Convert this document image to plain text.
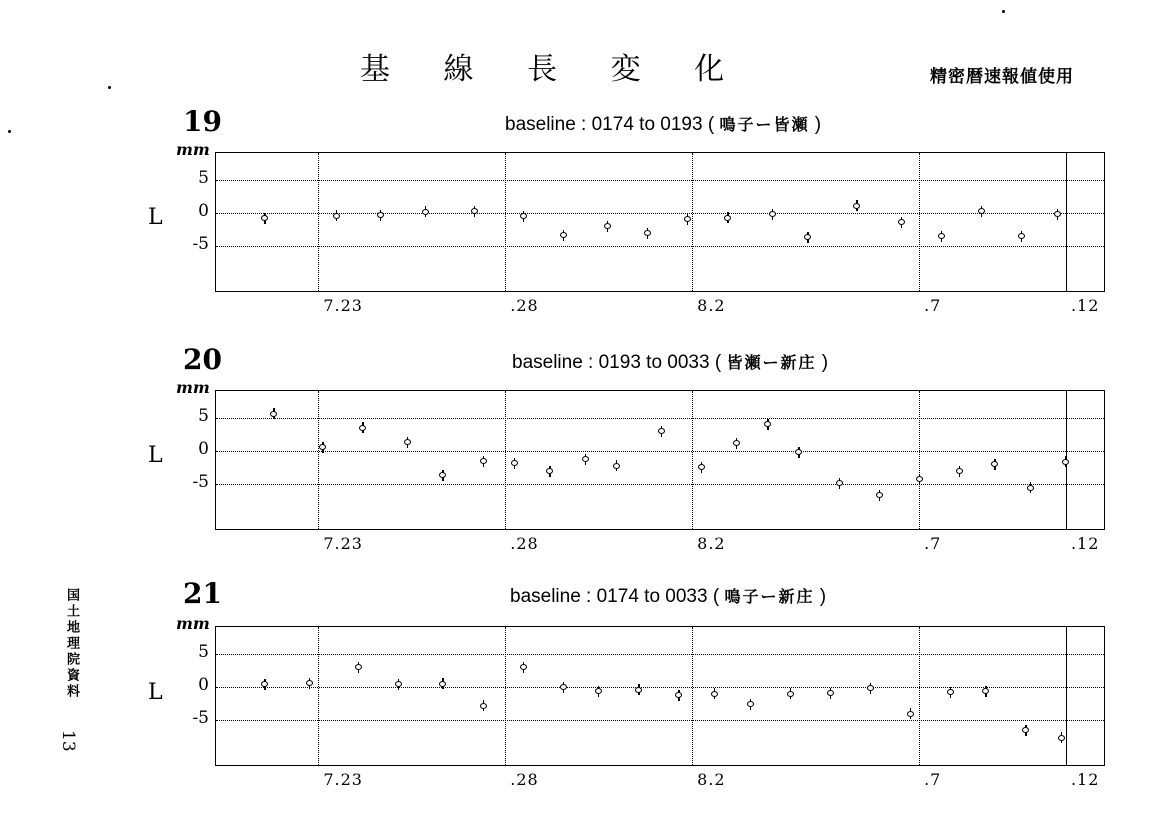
基 線 長 変 化	精密暦速報値使用
国土地理院資料
13
19	baseline : 0174 to 0193 ( 鳴子ー皆瀬 )
mm
L
5
0
-5
7.23	.28	8.2	.7	.12
20	baseline : 0193 to 0033 ( 皆瀬ー新庄 )
mm
L
5
0
-5
7.23	.28	8.2	.7	.12
21	baseline : 0174 to 0033 ( 鳴子ー新庄 )
mm
L
5
0
-5
7.23	.28	8.2	.7	.12
